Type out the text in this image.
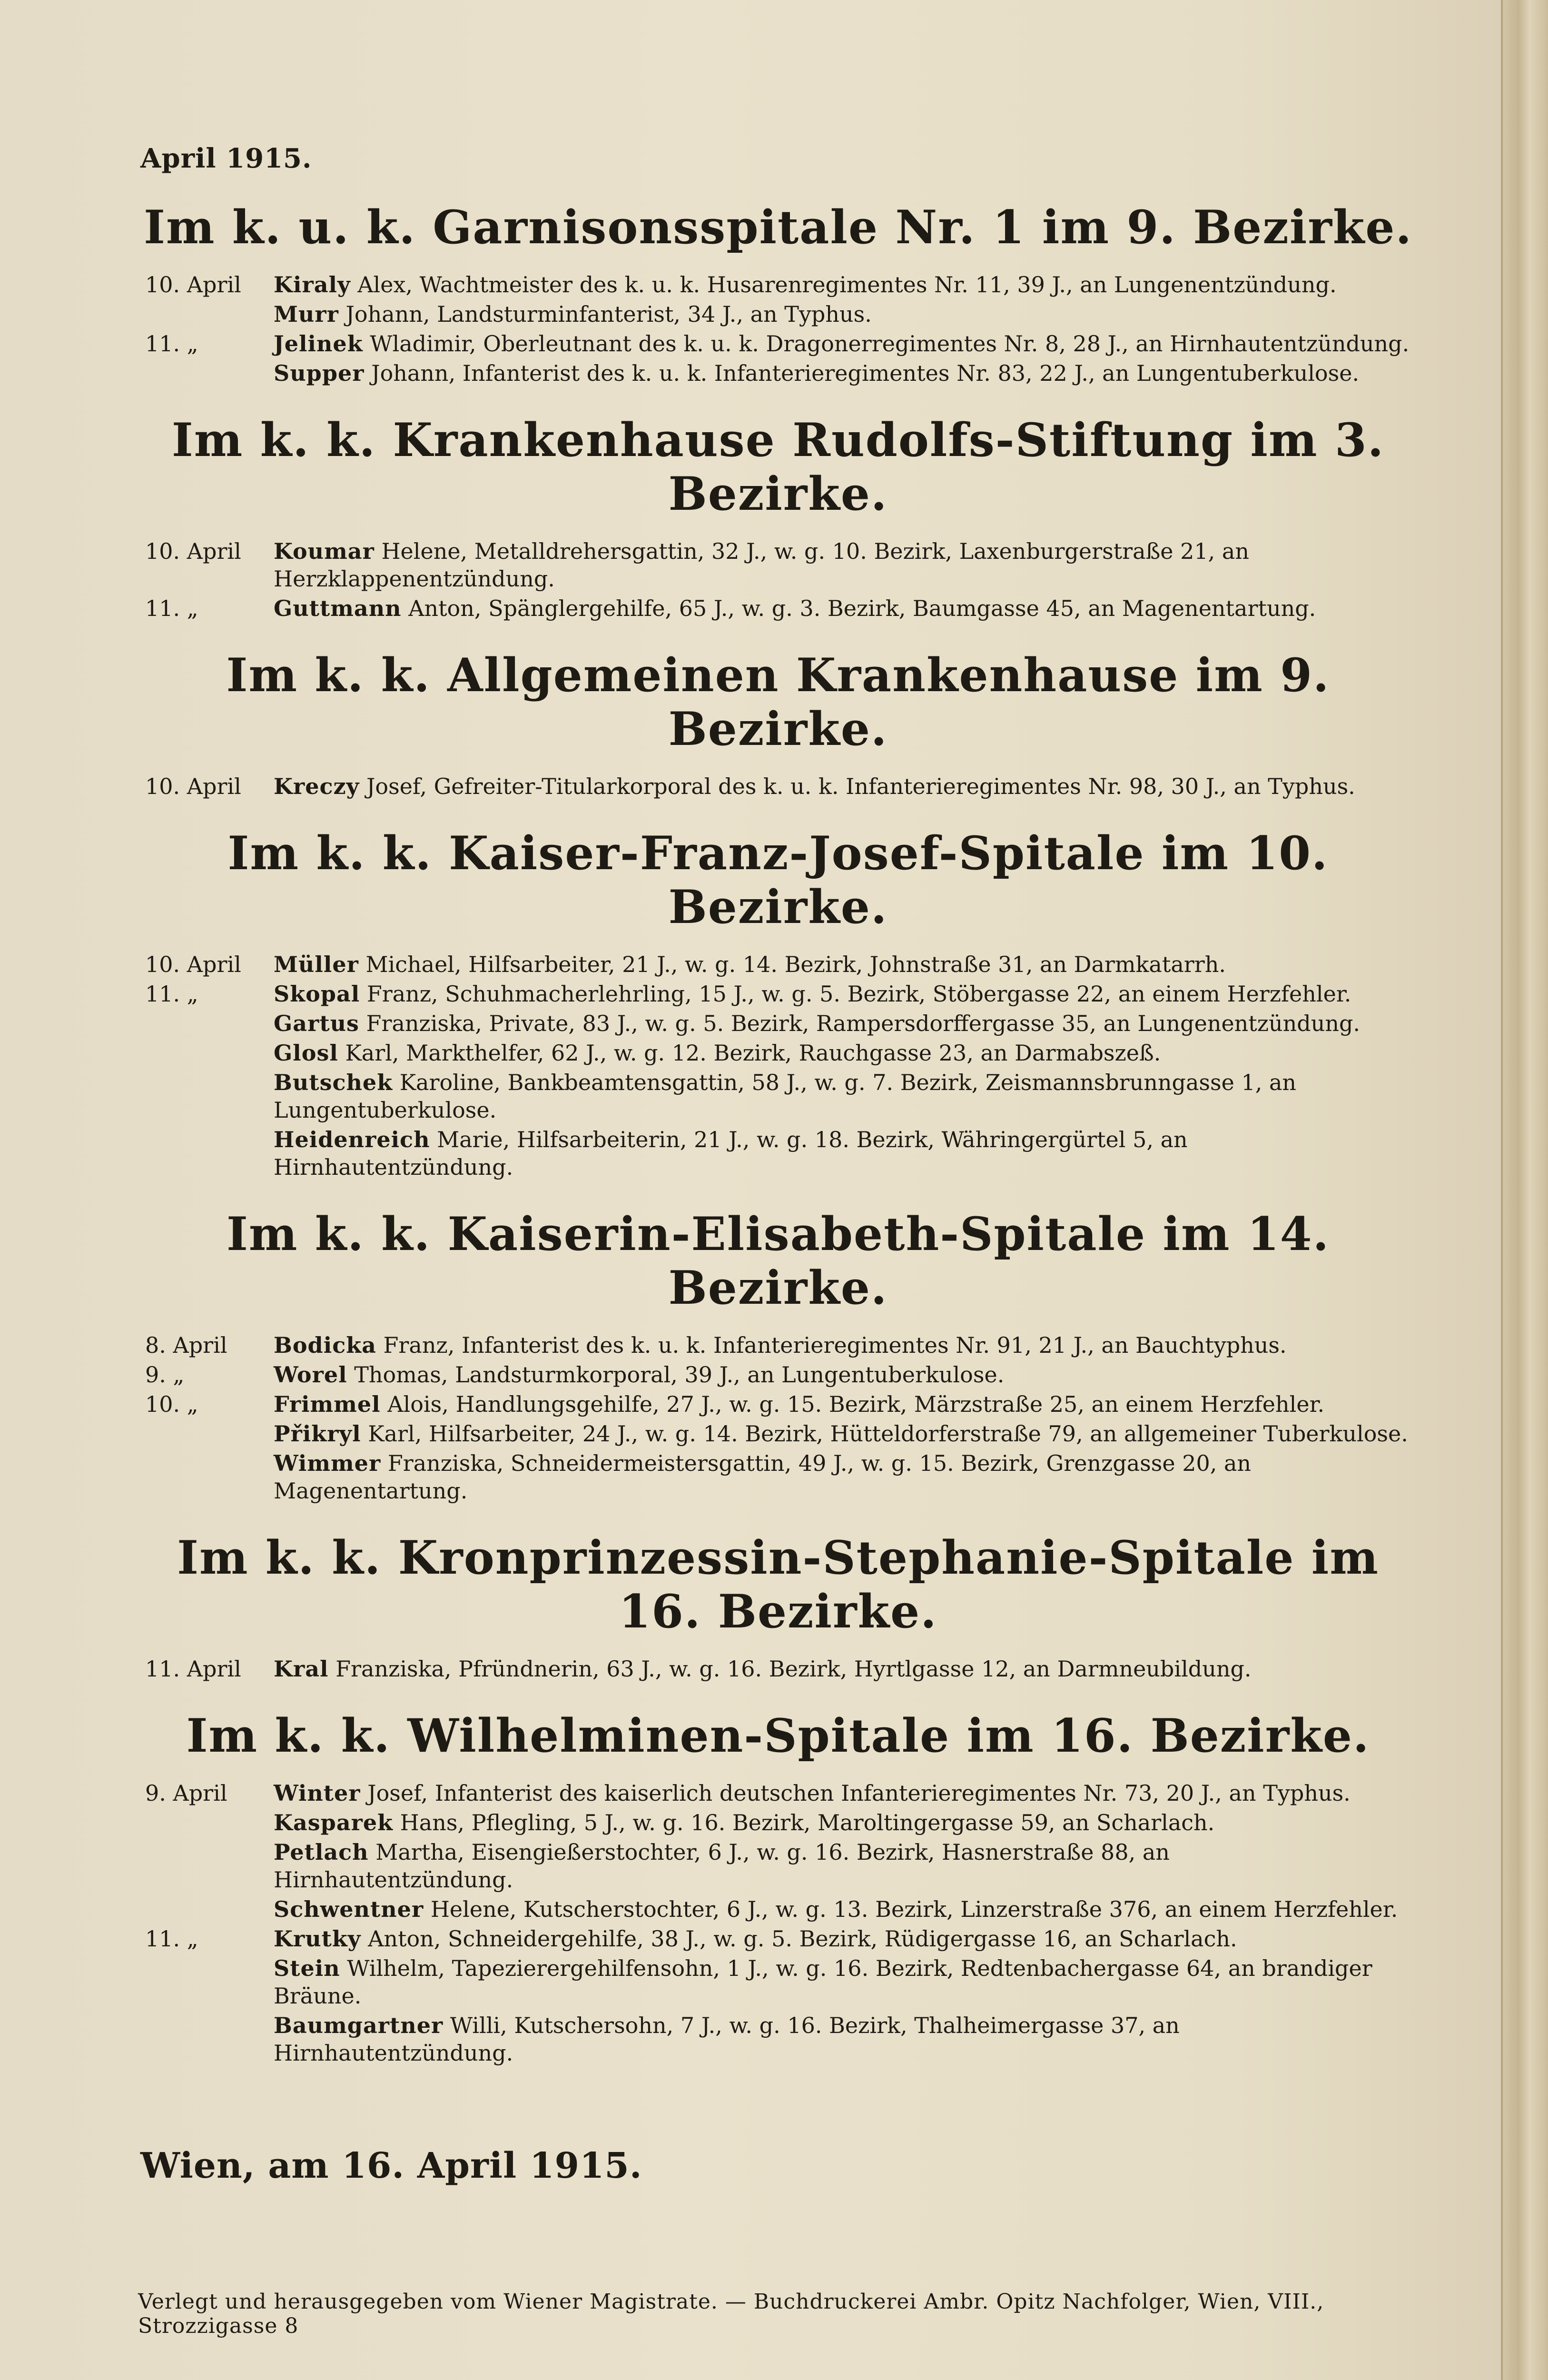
April 1915.
Im k. u. k. Garnisonsspitale Nr. 1 im 9. Bezirke.
10. April	Kiraly Alex, Wachtmeister des k. u. k. Husarenregimentes Nr. 11, 39 J., an Lungenentzündung.
Murr Johann, Landsturminfanterist, 34 J., an Typhus.
11. „	Jelinek Wladimir, Oberleutnant des k. u. k. Dragonerregimentes Nr. 8, 28 J., an Hirnhautentzündung.
Supper Johann, Infanterist des k. u. k. Infanterieregimentes Nr. 83, 22 J., an Lungentuberkulose.
Im k. k. Krankenhause Rudolfs-Stiftung im 3. Bezirke.
10. April	Koumar Helene, Metalldrehersgattin, 32 J., w. g. 10. Bezirk, Laxenburgerstraße 21, an Herzklappenentzündung.
11. „	Guttmann Anton, Spänglergehilfe, 65 J., w. g. 3. Bezirk, Baumgasse 45, an Magenentartung.
Im k. k. Allgemeinen Krankenhause im 9. Bezirke.
10. April	Kreczy Josef, Gefreiter-Titularkorporal des k. u. k. Infanterieregimentes Nr. 98, 30 J., an Typhus.
Im k. k. Kaiser-Franz-Josef-Spitale im 10. Bezirke.
10. April	Müller Michael, Hilfsarbeiter, 21 J., w. g. 14. Bezirk, Johnstraße 31, an Darmkatarrh.
11. „	Skopal Franz, Schuhmacherlehrling, 15 J., w. g. 5. Bezirk, Stöbergasse 22, an einem Herzfehler.
Gartus Franziska, Private, 83 J., w. g. 5. Bezirk, Rampersdorffergasse 35, an Lungenentzündung.
Glosl Karl, Markthelfer, 62 J., w. g. 12. Bezirk, Rauchgasse 23, an Darmabszeß.
Butschek Karoline, Bankbeamtensgattin, 58 J., w. g. 7. Bezirk, Zeismannsbrunngasse 1, an Lungentuberkulose.
Heidenreich Marie, Hilfsarbeiterin, 21 J., w. g. 18. Bezirk, Währingergürtel 5, an Hirnhautentzündung.
Im k. k. Kaiserin-Elisabeth-Spitale im 14. Bezirke.
8. April	Bodicka Franz, Infanterist des k. u. k. Infanterieregimentes Nr. 91, 21 J., an Bauchtyphus.
9. „	Worel Thomas, Landsturmkorporal, 39 J., an Lungentuberkulose.
10. „	Frimmel Alois, Handlungsgehilfe, 27 J., w. g. 15. Bezirk, Märzstraße 25, an einem Herzfehler.
Přikryl Karl, Hilfsarbeiter, 24 J., w. g. 14. Bezirk, Hütteldorferstraße 79, an allgemeiner Tuberkulose.
Wimmer Franziska, Schneidermeistersgattin, 49 J., w. g. 15. Bezirk, Grenzgasse 20, an Magenentartung.
Im k. k. Kronprinzessin-Stephanie-Spitale im 16. Bezirke.
11. April	Kral Franziska, Pfründnerin, 63 J., w. g. 16. Bezirk, Hyrtlgasse 12, an Darmneubildung.
Im k. k. Wilhelminen-Spitale im 16. Bezirke.
9. April	Winter Josef, Infanterist des kaiserlich deutschen Infanterieregimentes Nr. 73, 20 J., an Typhus.
Kasparek Hans, Pflegling, 5 J., w. g. 16. Bezirk, Maroltingergasse 59, an Scharlach.
Petlach Martha, Eisengießerstochter, 6 J., w. g. 16. Bezirk, Hasnerstraße 88, an Hirnhautentzündung.
Schwentner Helene, Kutscherstochter, 6 J., w. g. 13. Bezirk, Linzerstraße 376, an einem Herzfehler.
11. „	Krutky Anton, Schneidergehilfe, 38 J., w. g. 5. Bezirk, Rüdigergasse 16, an Scharlach.
Stein Wilhelm, Tapezierergehilfensohn, 1 J., w. g. 16. Bezirk, Redtenbachergasse 64, an brandiger Bräune.
Baumgartner Willi, Kutschersohn, 7 J., w. g. 16. Bezirk, Thalheimergasse 37, an Hirnhautentzündung.
Wien, am 16. April 1915.
Verlegt und herausgegeben vom Wiener Magistrate. — Buchdruckerei Ambr. Opitz Nachfolger, Wien, VIII., Strozzigasse 8
